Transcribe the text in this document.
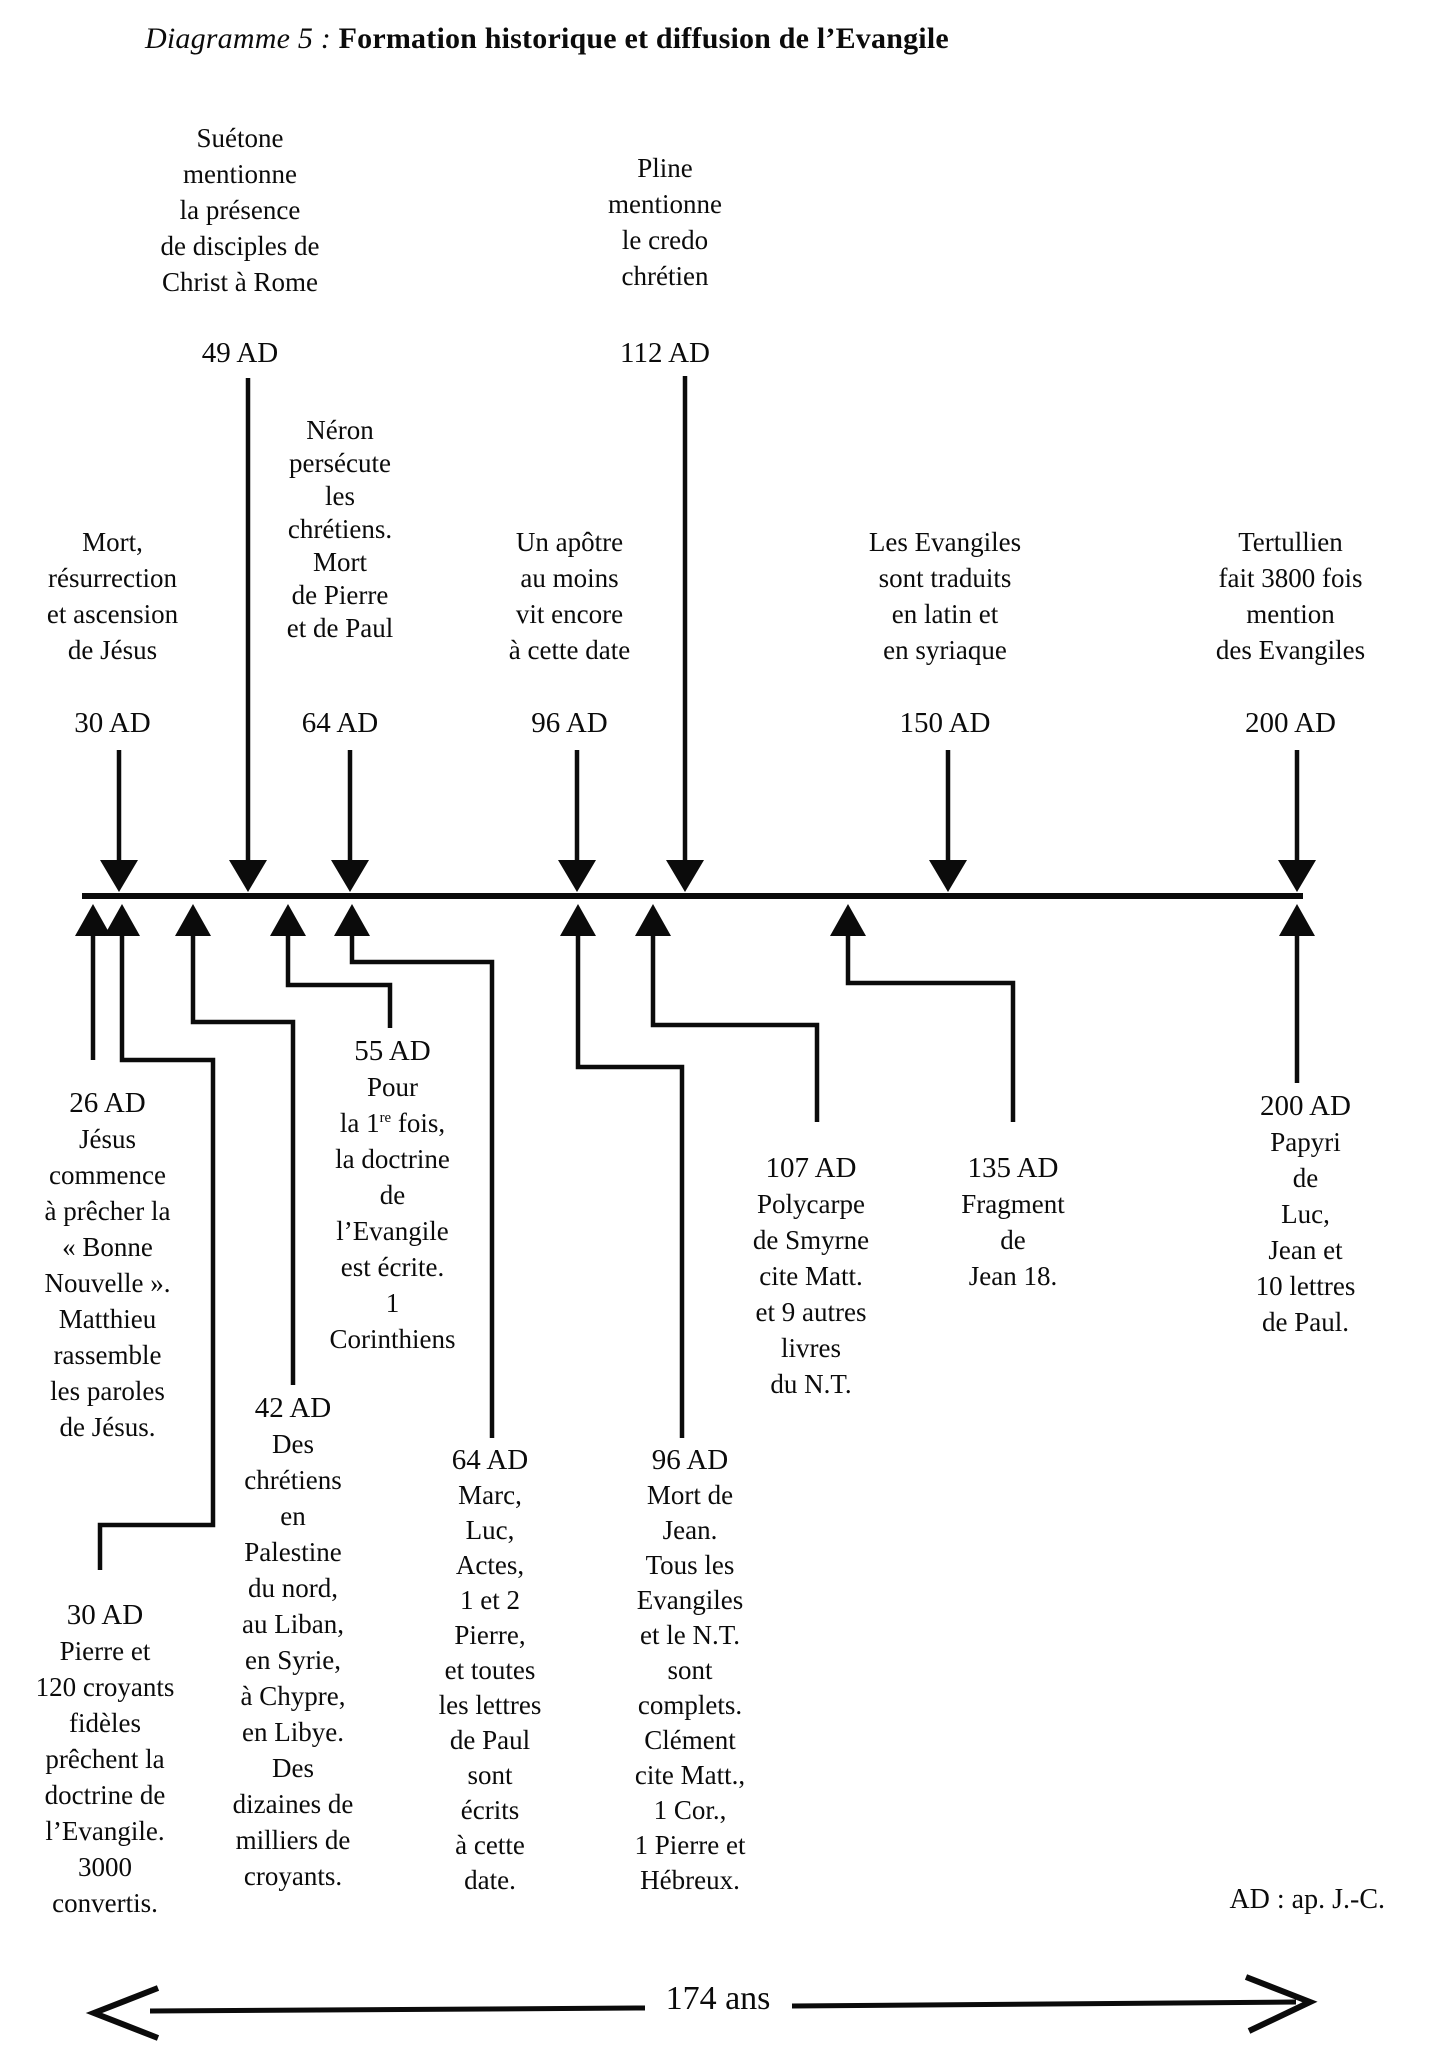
Diagramme 5 : Formation historique et diffusion de l’Evangile
Mort,
résurrection
et ascension
de Jésus
30 AD
Suétone
mentionne
la présence
de disciples de
Christ à Rome
49 AD
Néron
persécute
les
chrétiens.
Mort
de Pierre
et de Paul
64 AD
Un apôtre
au moins
vit encore
à cette date
96 AD
Pline
mentionne
le credo
chrétien
112 AD
Les Evangiles
sont traduits
en latin et
en syriaque
150 AD
Tertullien
fait 3800 fois
mention
des Evangiles
200 AD
26 AD
Jésus
commence
à prêcher la
« Bonne
Nouvelle ».
Matthieu
rassemble
les paroles
de Jésus.
30 AD
Pierre et
120 croyants
fidèles
prêchent la
doctrine de
l’Evangile.
3000
convertis.
42 AD
Des
chrétiens
en
Palestine
du nord,
au Liban,
en Syrie,
à Chypre,
en Libye.
Des
dizaines de
milliers de
croyants.
55 AD
Pour
la 1re fois,
la doctrine
de
l’Evangile
est écrite.
1
Corinthiens
64 AD
Marc,
Luc,
Actes,
1 et 2
Pierre,
et toutes
les lettres
de Paul
sont
écrits
à cette
date.
96 AD
Mort de
Jean.
Tous les
Evangiles
et le N.T.
sont
complets.
Clément
cite Matt.,
1 Cor.,
1 Pierre et
Hébreux.
107 AD
Polycarpe
de Smyrne
cite Matt.
et 9 autres
livres
du N.T.
135 AD
Fragment
de
Jean 18.
200 AD
Papyri
de
Luc,
Jean et
10 lettres
de Paul.
AD : ap. J.-C.
174 ans
